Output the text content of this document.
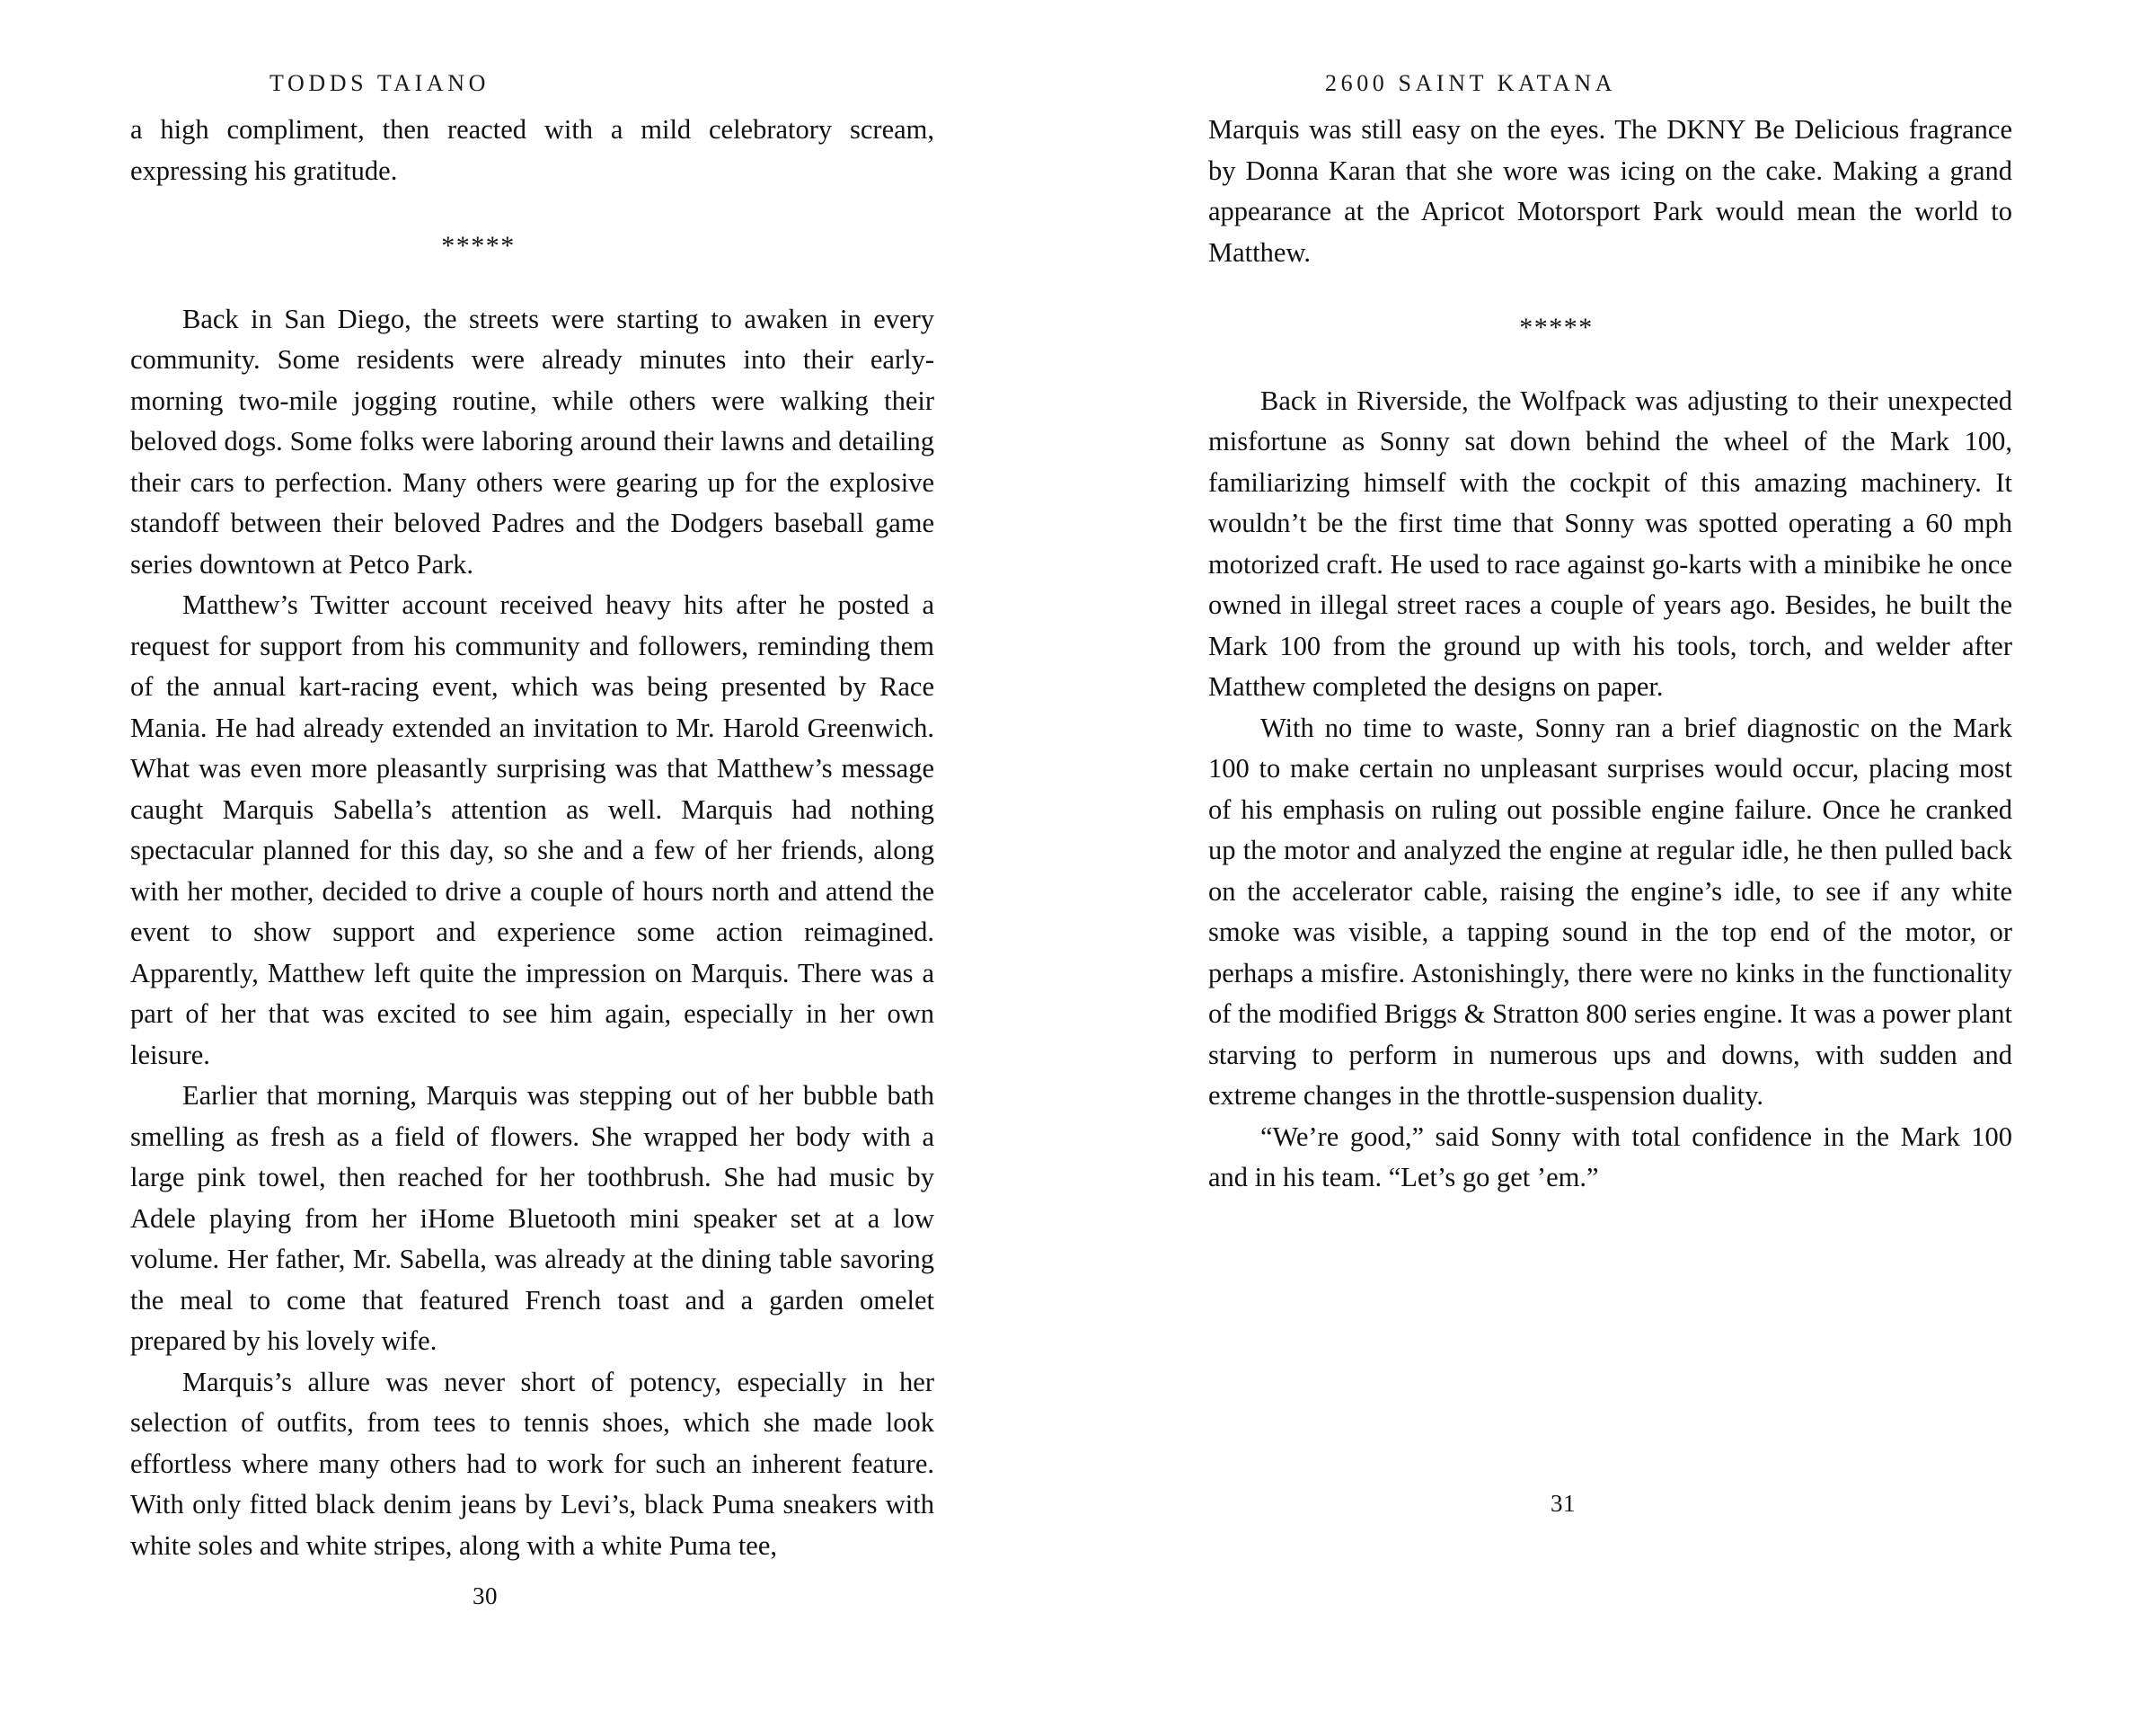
TODDS TAIANO

a high compliment, then reacted with a mild celebratory scream, expressing his gratitude.

*****

Back in San Diego, the streets were starting to awaken in every community. Some residents were already minutes into their early-morning two-mile jogging routine, while others were walking their beloved dogs. Some folks were laboring around their lawns and detailing their cars to perfection. Many others were gearing up for the explosive standoff between their beloved Padres and the Dodgers baseball game series downtown at Petco Park.

Matthew’s Twitter account received heavy hits after he posted a request for support from his community and followers, reminding them of the annual kart-racing event, which was being presented by Race Mania. He had already extended an invitation to Mr. Harold Greenwich. What was even more pleasantly surprising was that Matthew’s message caught Marquis Sabella’s attention as well. Marquis had nothing spectacular planned for this day, so she and a few of her friends, along with her mother, decided to drive a couple of hours north and attend the event to show support and experience some action reimagined. Apparently, Matthew left quite the impression on Marquis. There was a part of her that was excited to see him again, especially in her own leisure.

Earlier that morning, Marquis was stepping out of her bubble bath smelling as fresh as a field of flowers. She wrapped her body with a large pink towel, then reached for her toothbrush. She had music by Adele playing from her iHome Bluetooth mini speaker set at a low volume. Her father, Mr. Sabella, was already at the dining table savoring the meal to come that featured French toast and a garden omelet prepared by his lovely wife.

Marquis’s allure was never short of potency, especially in her selection of outfits, from tees to tennis shoes, which she made look effortless where many others had to work for such an inherent feature. With only fitted black denim jeans by Levi’s, black Puma sneakers with white soles and white stripes, along with a white Puma tee,

30
2600 SAINT KATANA

Marquis was still easy on the eyes. The DKNY Be Delicious fragrance by Donna Karan that she wore was icing on the cake. Making a grand appearance at the Apricot Motorsport Park would mean the world to Matthew.

*****

Back in Riverside, the Wolfpack was adjusting to their unexpected misfortune as Sonny sat down behind the wheel of the Mark 100, familiarizing himself with the cockpit of this amazing machinery. It wouldn’t be the first time that Sonny was spotted operating a 60 mph motorized craft. He used to race against go-karts with a minibike he once owned in illegal street races a couple of years ago. Besides, he built the Mark 100 from the ground up with his tools, torch, and welder after Matthew completed the designs on paper.

With no time to waste, Sonny ran a brief diagnostic on the Mark 100 to make certain no unpleasant surprises would occur, placing most of his emphasis on ruling out possible engine failure. Once he cranked up the motor and analyzed the engine at regular idle, he then pulled back on the accelerator cable, raising the engine’s idle, to see if any white smoke was visible, a tapping sound in the top end of the motor, or perhaps a misfire. Astonishingly, there were no kinks in the functionality of the modified Briggs & Stratton 800 series engine. It was a power plant starving to perform in numerous ups and downs, with sudden and extreme changes in the throttle-suspension duality.

“We’re good,” said Sonny with total confidence in the Mark 100 and in his team. “Let’s go get ’em.”

31
